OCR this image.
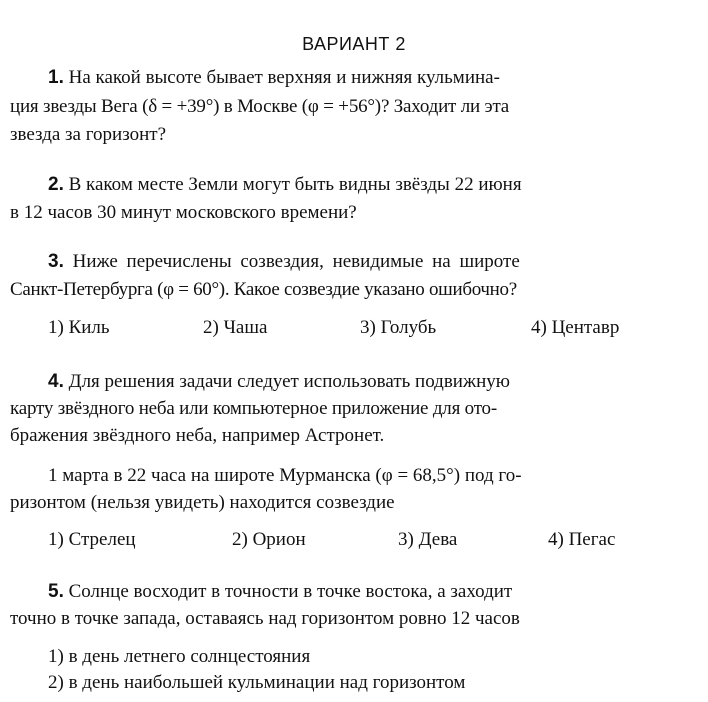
ВАРИАНТ 2
1. На какой высоте бывает верхняя и нижняя кульмина-
ция звезды Вега (δ = +39°) в Москве (φ = +56°)? Заходит ли эта
звезда за горизонт?
2. В каком месте Земли могут быть видны звёзды 22 июня
в 12 часов 30 минут московского времени?
3. Ниже перечислены созвездия, невидимые на широте
Санкт-Петербурга (φ = 60°). Какое созвездие указано ошибочно?
1) Киль	2) Чаша	3) Голубь	4) Центавр
4. Для решения задачи следует использовать подвижную
карту звёздного неба или компьютерное приложение для ото-
бражения звёздного неба, например Астронет.
1 марта в 22 часа на широте Мурманска (φ = 68,5°) под го-
ризонтом (нельзя увидеть) находится созвездие
1) Стрелец	2) Орион	3) Дева	4) Пегас
5. Солнце восходит в точности в точке востока, а заходит
точно в точке запада, оставаясь над горизонтом ровно 12 часов
1) в день летнего солнцестояния
2) в день наибольшей кульминации над горизонтом
